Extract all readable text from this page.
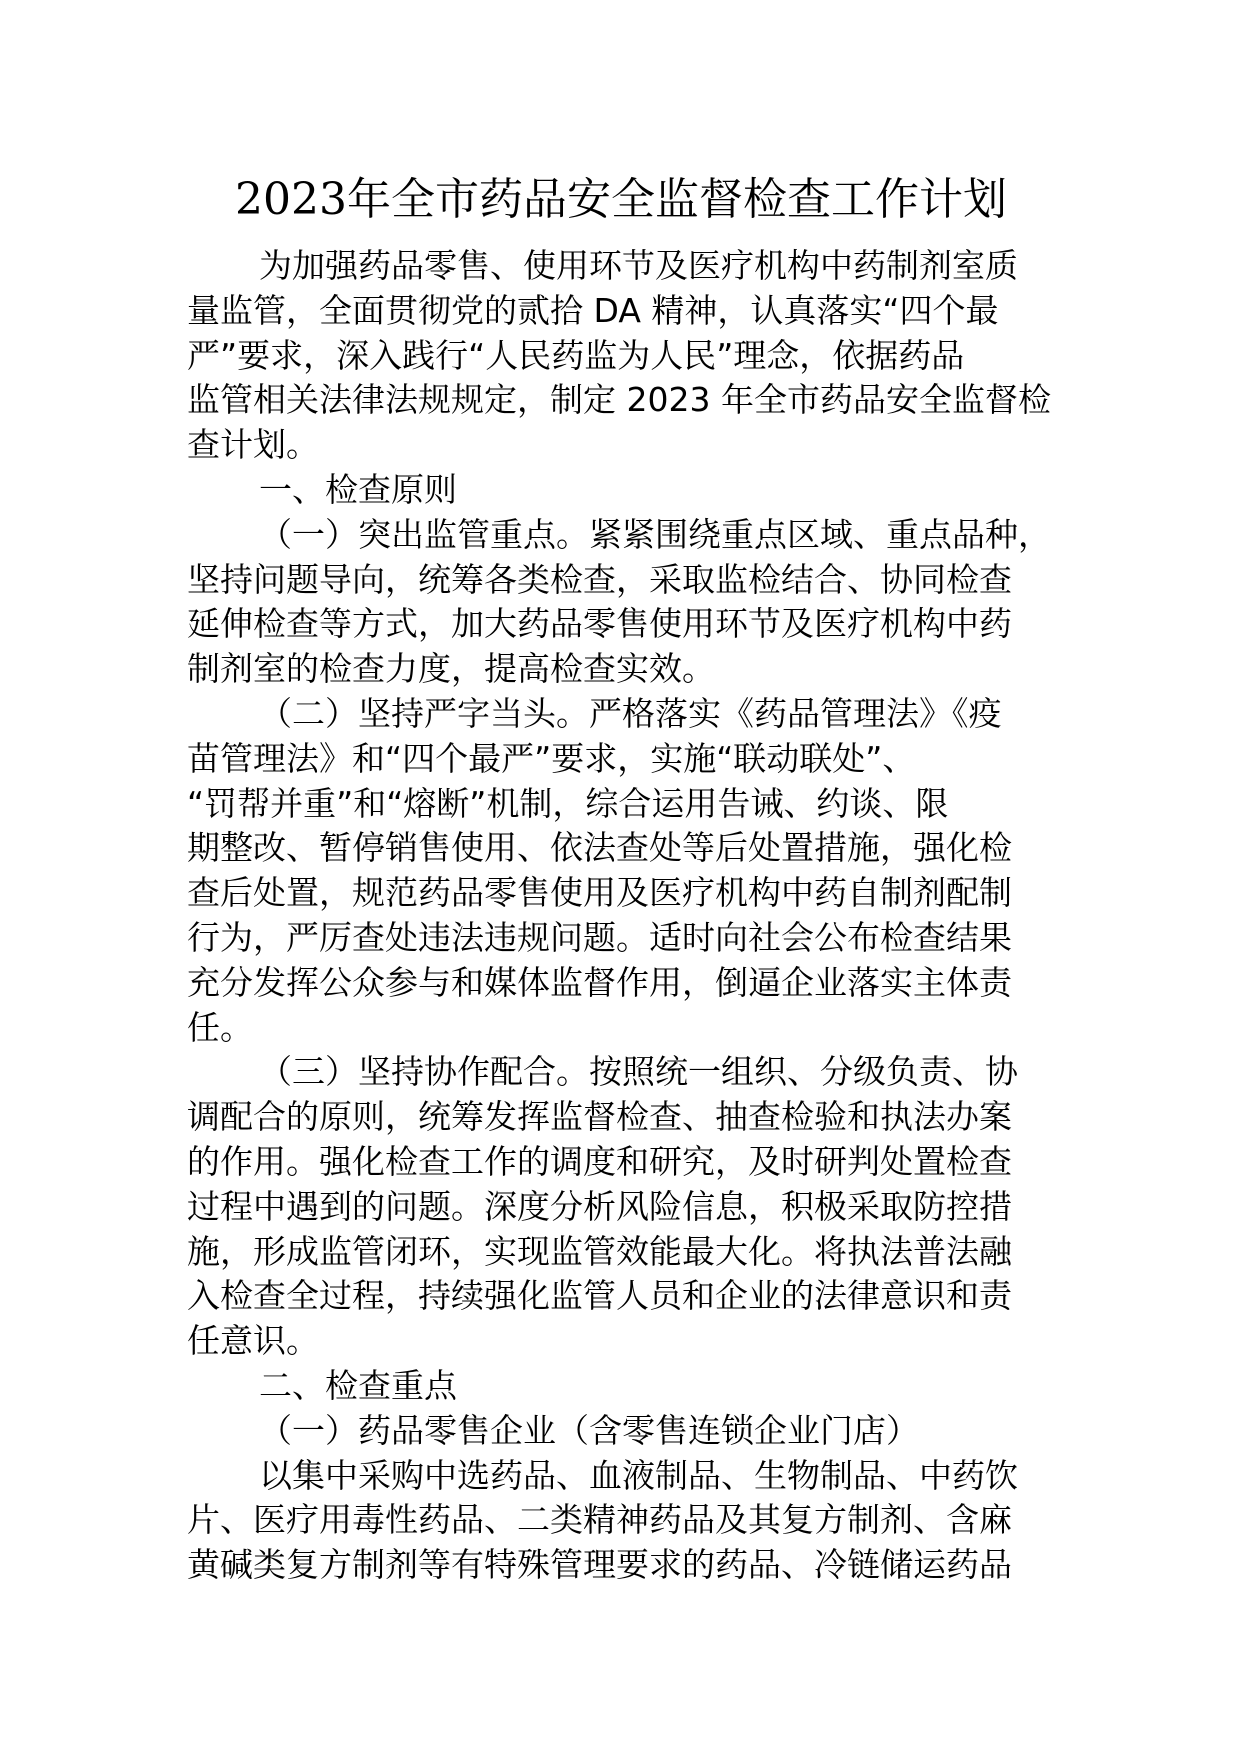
2023年全市药品安全监督检查工作计划
为加强药品零售、使用环节及医疗机构中药制剂室质
量监管，全面贯彻党的贰拾 DA 精神，认真落实“四个最
严”要求，深入践行“人民药监为人民”理念，依据药品
监管相关法律法规规定，制定 2023 年全市药品安全监督检
查计划。
一、检查原则
（一）突出监管重点。紧紧围绕重点区域、重点品种，
坚持问题导向，统筹各类检查，采取监检结合、协同检查
延伸检查等方式，加大药品零售使用环节及医疗机构中药
制剂室的检查力度，提高检查实效。
（二）坚持严字当头。严格落实《药品管理法》《疫
苗管理法》和“四个最严”要求，实施“联动联处”、
“罚帮并重”和“熔断”机制，综合运用告诫、约谈、限
期整改、暂停销售使用、依法查处等后处置措施，强化检
查后处置，规范药品零售使用及医疗机构中药自制剂配制
行为，严厉查处违法违规问题。适时向社会公布检查结果
充分发挥公众参与和媒体监督作用，倒逼企业落实主体责
任。
（三）坚持协作配合。按照统一组织、分级负责、协
调配合的原则，统筹发挥监督检查、抽查检验和执法办案
的作用。强化检查工作的调度和研究，及时研判处置检查
过程中遇到的问题。深度分析风险信息，积极采取防控措
施，形成监管闭环，实现监管效能最大化。将执法普法融
入检查全过程，持续强化监管人员和企业的法律意识和责
任意识。
二、检查重点
（一）药品零售企业（含零售连锁企业门店）
以集中采购中选药品、血液制品、生物制品、中药饮
片、医疗用毒性药品、二类精神药品及其复方制剂、含麻
黄碱类复方制剂等有特殊管理要求的药品、冷链储运药品
